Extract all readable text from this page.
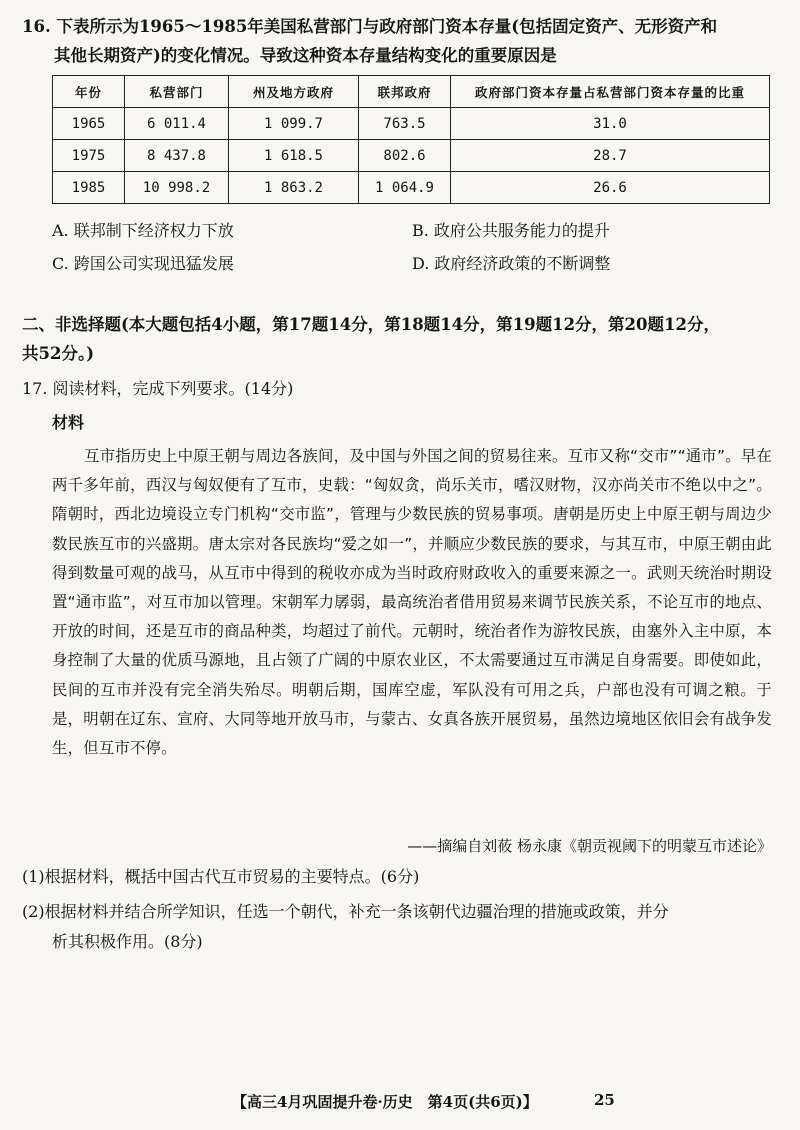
16. 下表所示为1965～1985年美国私营部门与政府部门资本存量(包括固定资产、无形资产和
其他长期资产)的变化情况。导致这种资本存量结构变化的重要原因是
年份	私营部门	州及地方政府	联邦政府	政府部门资本存量占私营部门资本存量的比重
1965	6 011.4	1 099.7	763.5	31.0
1975	8 437.8	1 618.5	802.6	28.7
1985	10 998.2	1 863.2	1 064.9	26.6
A. 联邦制下经济权力下放	B. 政府公共服务能力的提升
C. 跨国公司实现迅猛发展	D. 政府经济政策的不断调整
二、非选择题(本大题包括4小题，第17题14分，第18题14分，第19题12分，第20题12分，
共52分。)
17. 阅读材料，完成下列要求。(14分)
材料
互市指历史上中原王朝与周边各族间，及中国与外国之间的贸易往来。互市又称“交市”“通市”。早在两千多年前，西汉与匈奴便有了互市，史载：“匈奴贪，尚乐关市，嗜汉财物，汉亦尚关市不绝以中之”。隋朝时，西北边境设立专门机构“交市监”，管理与少数民族的贸易事项。唐朝是历史上中原王朝与周边少数民族互市的兴盛期。唐太宗对各民族均“爱之如一”，并顺应少数民族的要求，与其互市，中原王朝由此得到数量可观的战马，从互市中得到的税收亦成为当时政府财政收入的重要来源之一。武则天统治时期设置“通市监”，对互市加以管理。宋朝军力孱弱，最高统治者借用贸易来调节民族关系，不论互市的地点、开放的时间，还是互市的商品种类，均超过了前代。元朝时，统治者作为游牧民族，由塞外入主中原，本身控制了大量的优质马源地，且占领了广阔的中原农业区，不太需要通过互市满足自身需要。即使如此，民间的互市并没有完全消失殆尽。明朝后期，国库空虚，军队没有可用之兵，户部也没有可调之粮。于是，明朝在辽东、宣府、大同等地开放马市，与蒙古、女真各族开展贸易，虽然边境地区依旧会有战争发生，但互市不停。
——摘编自刘莜 杨永康《朝贡视阈下的明蒙互市述论》
(1)根据材料，概括中国古代互市贸易的主要特点。(6分)
(2)根据材料并结合所学知识，任选一个朝代，补充一条该朝代边疆治理的措施或政策，并分
析其积极作用。(8分)
【高三4月巩固提升卷·历史　第4页(共6页)】	25
